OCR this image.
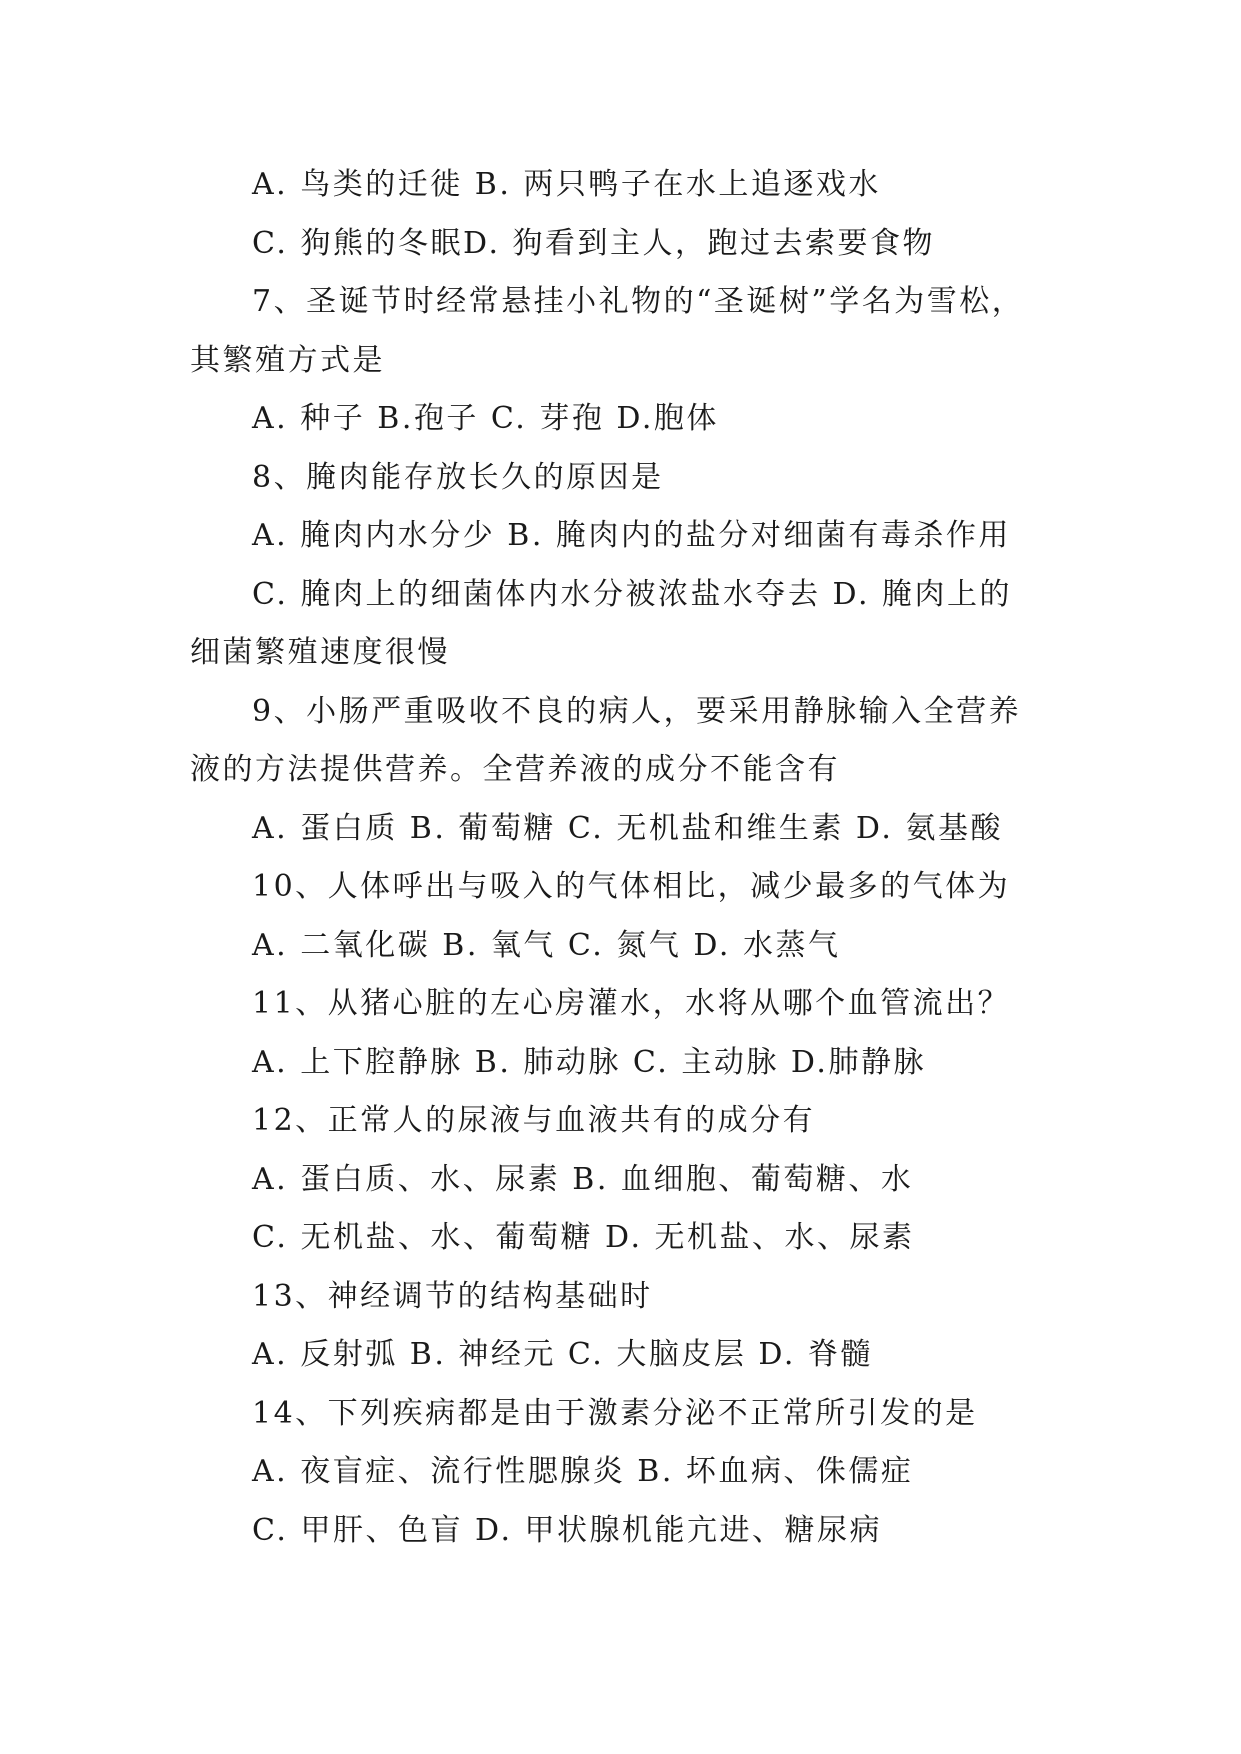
A. 鸟类的迁徙 B. 两只鸭子在水上追逐戏水
C. 狗熊的冬眠D. 狗看到主人，跑过去索要食物
7、圣诞节时经常悬挂小礼物的“圣诞树”学名为雪松，
其繁殖方式是
A. 种子 B.孢子 C. 芽孢 D.胞体
8、腌肉能存放长久的原因是
A. 腌肉内水分少 B. 腌肉内的盐分对细菌有毒杀作用
C. 腌肉上的细菌体内水分被浓盐水夺去 D. 腌肉上的
细菌繁殖速度很慢
9、小肠严重吸收不良的病人，要采用静脉输入全营养
液的方法提供营养。全营养液的成分不能含有
A. 蛋白质 B. 葡萄糖 C. 无机盐和维生素 D. 氨基酸
10、人体呼出与吸入的气体相比，减少最多的气体为
A. 二氧化碳 B. 氧气 C. 氮气 D. 水蒸气
11、从猪心脏的左心房灌水，水将从哪个血管流出？
A. 上下腔静脉 B. 肺动脉 C. 主动脉 D.肺静脉
12、正常人的尿液与血液共有的成分有
A. 蛋白质、水、尿素 B. 血细胞、葡萄糖、水
C. 无机盐、水、葡萄糖 D. 无机盐、水、尿素
13、神经调节的结构基础时
A. 反射弧 B. 神经元 C. 大脑皮层 D. 脊髓
14、下列疾病都是由于激素分泌不正常所引发的是
A. 夜盲症、流行性腮腺炎 B. 坏血病、侏儒症
C. 甲肝、色盲 D. 甲状腺机能亢进、糖尿病
